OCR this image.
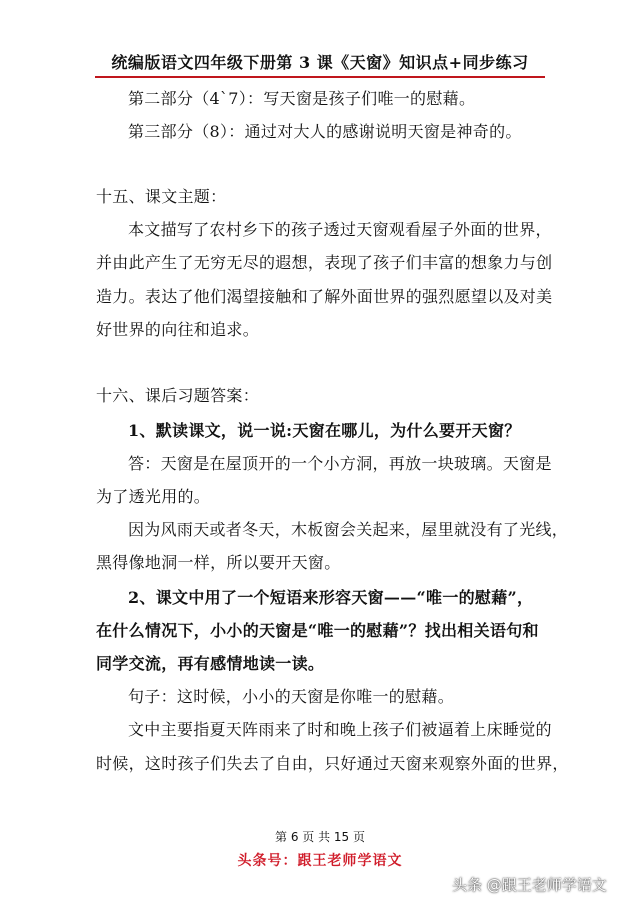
统编版语文四年级下册第 3 课《天窗》知识点+同步练习
第二部分（4ˋ7）：写天窗是孩子们唯一的慰藉。
第三部分（8）：通过对大人的感谢说明天窗是神奇的。
十五、课文主题：
本文描写了农村乡下的孩子透过天窗观看屋子外面的世界，
并由此产生了无穷无尽的遐想，表现了孩子们丰富的想象力与创
造力。表达了他们渴望接触和了解外面世界的强烈愿望以及对美
好世界的向往和追求。
十六、课后习题答案：
1、默读课文，说一说:天窗在哪儿，为什么要开天窗？
答：天窗是在屋顶开的一个小方洞，再放一块玻璃。天窗是
为了透光用的。
因为风雨天或者冬天，木板窗会关起来，屋里就没有了光线，
黑得像地洞一样，所以要开天窗。
2、课文中用了一个短语来形容天窗——“唯一的慰藉”，
在什么情况下，小小的天窗是“唯一的慰藉”？找出相关语句和
同学交流，再有感情地读一读。
句子：这时候，小小的天窗是你唯一的慰藉。
文中主要指夏天阵雨来了时和晚上孩子们被逼着上床睡觉的
时候，这时孩子们失去了自由，只好通过天窗来观察外面的世界，
第 6 页 共 15 页
头条号：跟王老师学语文
头条 @跟王老师学语文
